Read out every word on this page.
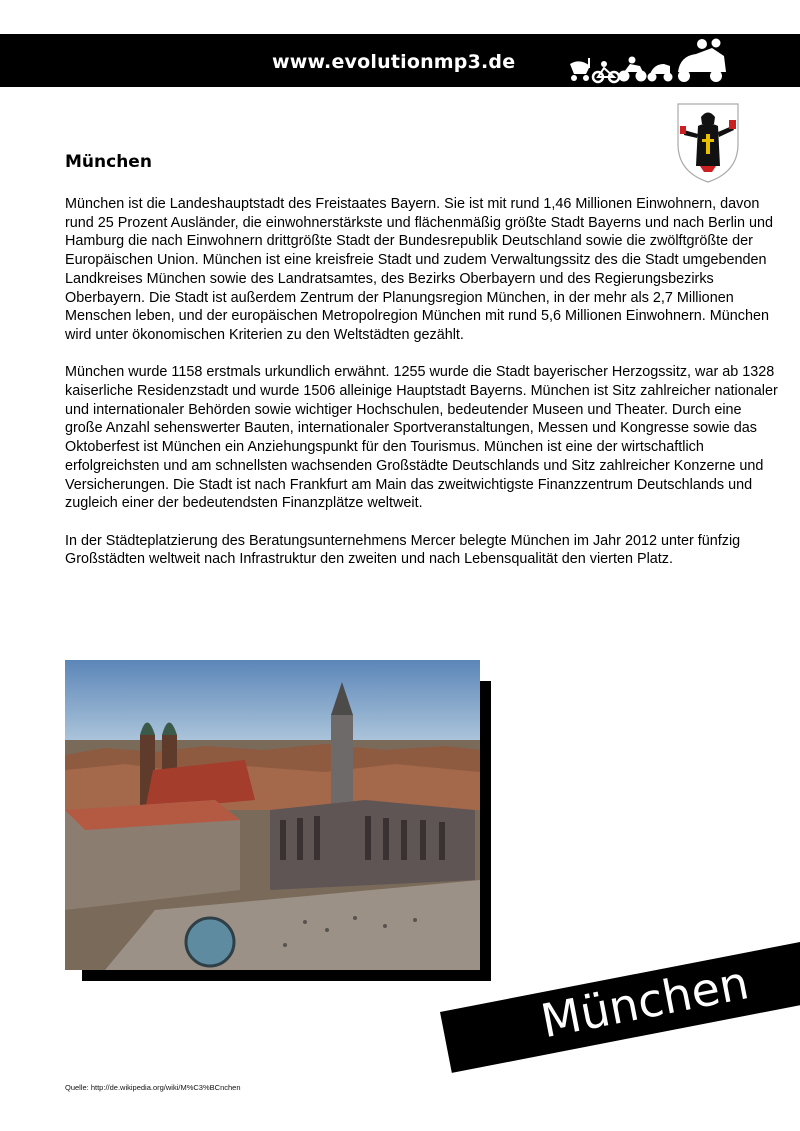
www.evolutionmp3.de
München

München ist die Landeshauptstadt des Freistaates Bayern. Sie ist mit rund 1,46 Millionen Einwohnern, davon rund 25 Prozent Ausländer, die einwohnerstärkste und flächenmäßig größte Stadt Bayerns und nach Berlin und Hamburg die nach Einwohnern drittgrößte Stadt der Bundesrepublik Deutschland sowie die zwölftgrößte der Europäischen Union. München ist eine kreisfreie Stadt und zudem Verwaltungssitz des die Stadt umgebenden Landkreises München sowie des Landratsamtes, des Bezirks Oberbayern und des Regierungsbezirks Oberbayern. Die Stadt ist außerdem Zentrum der Planungsregion München, in der mehr als 2,7 Millionen Menschen leben, und der europäischen Metropolregion München mit rund 5,6 Millionen Einwohnern. München wird unter ökonomischen Kriterien zu den Weltstädten gezählt.

München wurde 1158 erstmals urkundlich erwähnt. 1255 wurde die Stadt bayerischer Herzogssitz, war ab 1328 kaiserliche Residenzstadt und wurde 1506 alleinige Hauptstadt Bayerns. München ist Sitz zahlreicher nationaler und internationaler Behörden sowie wichtiger Hochschulen, bedeutender Museen und Theater. Durch eine große Anzahl sehenswerter Bauten, internationaler Sportveranstaltungen, Messen und Kongresse sowie das Oktoberfest ist München ein Anziehungspunkt für den Tourismus. München ist eine der wirtschaftlich erfolgreichsten und am schnellsten wachsenden Großstädte Deutschlands und Sitz zahlreicher Konzerne und Versicherungen. Die Stadt ist nach Frankfurt am Main das zweitwichtigste Finanzzentrum Deutschlands und zugleich einer der bedeutendsten Finanzplätze weltweit.

In der Städteplatzierung des Beratungsunternehmens Mercer belegte München im Jahr 2012 unter fünfzig Großstädten weltweit nach Infrastruktur den zweiten und nach Lebensqualität den vierten Platz.

München
Quelle: http://de.wikipedia.org/wiki/M%C3%BCnchen
